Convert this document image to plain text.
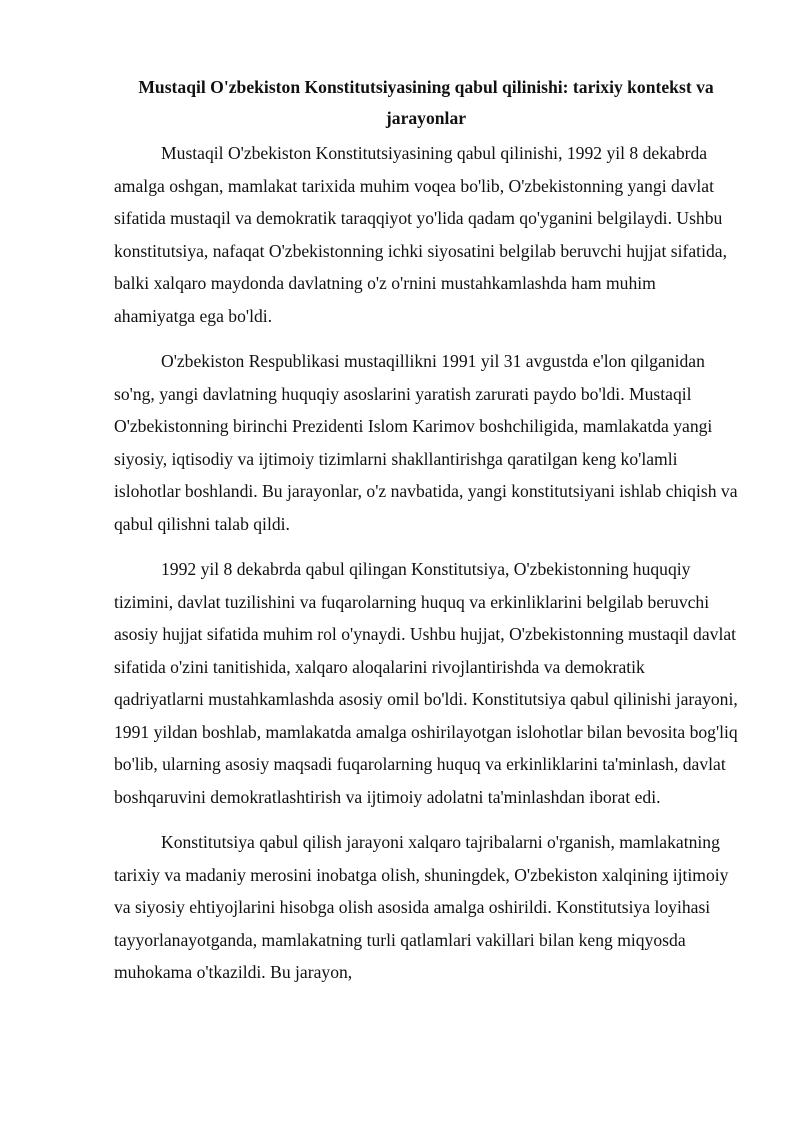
Mustaqil O'zbekiston Konstitutsiyasining qabul qilinishi: tarixiy kontekst va jarayonlar

Mustaqil O'zbekiston Konstitutsiyasining qabul qilinishi, 1992 yil 8 dekabrda amalga oshgan, mamlakat tarixida muhim voqea bo'lib, O'zbekistonning yangi davlat sifatida mustaqil va demokratik taraqqiyot yo'lida qadam qo'yganini belgilaydi. Ushbu konstitutsiya, nafaqat O'zbekistonning ichki siyosatini belgilab beruvchi hujjat sifatida, balki xalqaro maydonda davlatning o'z o'rnini mustahkamlashda ham muhim ahamiyatga ega bo'ldi.

O'zbekiston Respublikasi mustaqillikni 1991 yil 31 avgustda e'lon qilganidan so'ng, yangi davlatning huquqiy asoslarini yaratish zarurati paydo bo'ldi. Mustaqil O'zbekistonning birinchi Prezidenti Islom Karimov boshchiligida, mamlakatda yangi siyosiy, iqtisodiy va ijtimoiy tizimlarni shakllantirishga qaratilgan keng ko'lamli islohotlar boshlandi. Bu jarayonlar, o'z navbatida, yangi konstitutsiyani ishlab chiqish va qabul qilishni talab qildi.

1992 yil 8 dekabrda qabul qilingan Konstitutsiya, O'zbekistonning huquqiy tizimini, davlat tuzilishini va fuqarolarning huquq va erkinliklarini belgilab beruvchi asosiy hujjat sifatida muhim rol o'ynaydi. Ushbu hujjat, O'zbekistonning mustaqil davlat sifatida o'zini tanitishida, xalqaro aloqalarini rivojlantirishda va demokratik qadriyatlarni mustahkamlashda asosiy omil bo'ldi. Konstitutsiya qabul qilinishi jarayoni, 1991 yildan boshlab, mamlakatda amalga oshirilayotgan islohotlar bilan bevosita bog'liq bo'lib, ularning asosiy maqsadi fuqarolarning huquq va erkinliklarini ta'minlash, davlat boshqaruvini demokratlashtirish va ijtimoiy adolatni ta'minlashdan iborat edi.

Konstitutsiya qabul qilish jarayoni xalqaro tajribalarni o'rganish, mamlakatning tarixiy va madaniy merosini inobatga olish, shuningdek, O'zbekiston xalqining ijtimoiy va siyosiy ehtiyojlarini hisobga olish asosida amalga oshirildi. Konstitutsiya loyihasi tayyorlanayotganda, mamlakatning turli qatlamlari vakillari bilan keng miqyosda muhokama o'tkazildi. Bu jarayon,
